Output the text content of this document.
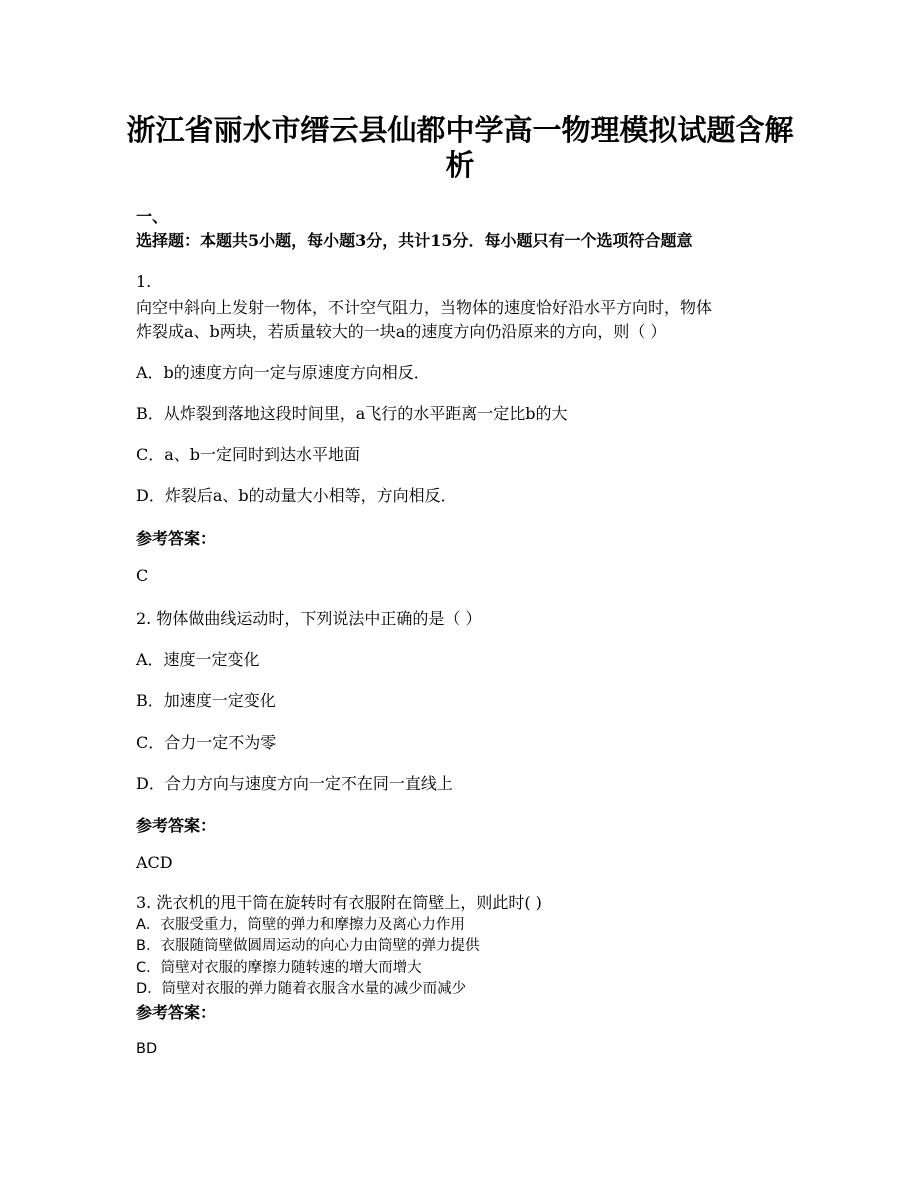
浙江省丽水市缙云县仙都中学高一物理模拟试题含解
析
一、
选择题：本题共5小题，每小题3分，共计15分．每小题只有一个选项符合题意
1.
向空中斜向上发射一物体，不计空气阻力，当物体的速度恰好沿水平方向时，物体
炸裂成a、b两块，若质量较大的一块a的速度方向仍沿原来的方向，则（ ）
A．b的速度方向一定与原速度方向相反．
B．从炸裂到落地这段时间里，a飞行的水平距离一定比b的大
C．a、b一定同时到达水平地面
D．炸裂后a、b的动量大小相等，方向相反．
参考答案：
C
2. 物体做曲线运动时，下列说法中正确的是（ ）
A．速度一定变化
B．加速度一定变化
C．合力一定不为零
D．合力方向与速度方向一定不在同一直线上
参考答案：
ACD
3. 洗衣机的甩干筒在旋转时有衣服附在筒壁上，则此时( )
A．衣服受重力，筒壁的弹力和摩擦力及离心力作用
B．衣服随筒壁做圆周运动的向心力由筒壁的弹力提供
C．筒壁对衣服的摩擦力随转速的增大而增大
D．筒壁对衣服的弹力随着衣服含水量的减少而减少
参考答案：
BD
